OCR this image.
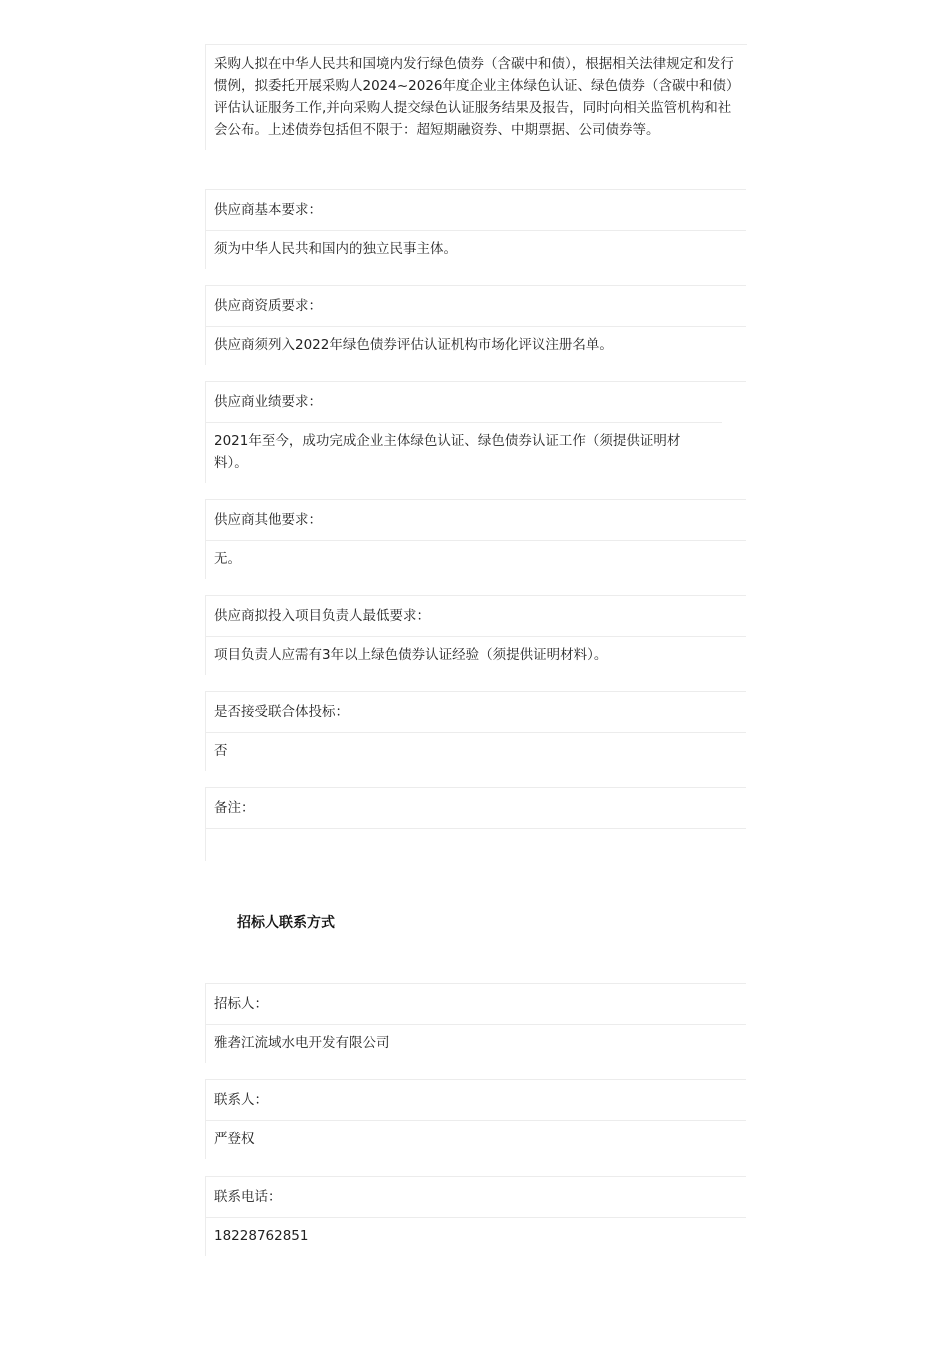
采购人拟在中华人民共和国境内发行绿色债券（含碳中和债），根据相关法律规定和发行惯例，拟委托开展采购人2024~2026年度企业主体绿色认证、绿色债券（含碳中和债）评估认证服务工作,并向采购人提交绿色认证服务结果及报告，同时向相关监管机构和社会公布。上述债券包括但不限于：超短期融资券、中期票据、公司债券等。
供应商基本要求：
须为中华人民共和国内的独立民事主体。
供应商资质要求：
供应商须列入2022年绿色债券评估认证机构市场化评议注册名单。
供应商业绩要求：
2021年至今，成功完成企业主体绿色认证、绿色债券认证工作（须提供证明材料）。
供应商其他要求：
无。
供应商拟投入项目负责人最低要求：
项目负责人应需有3年以上绿色债券认证经验（须提供证明材料）。
是否接受联合体投标：
否
备注：
招标人联系方式
招标人：
雅砻江流域水电开发有限公司
联系人：
严登权
联系电话：
18228762851
